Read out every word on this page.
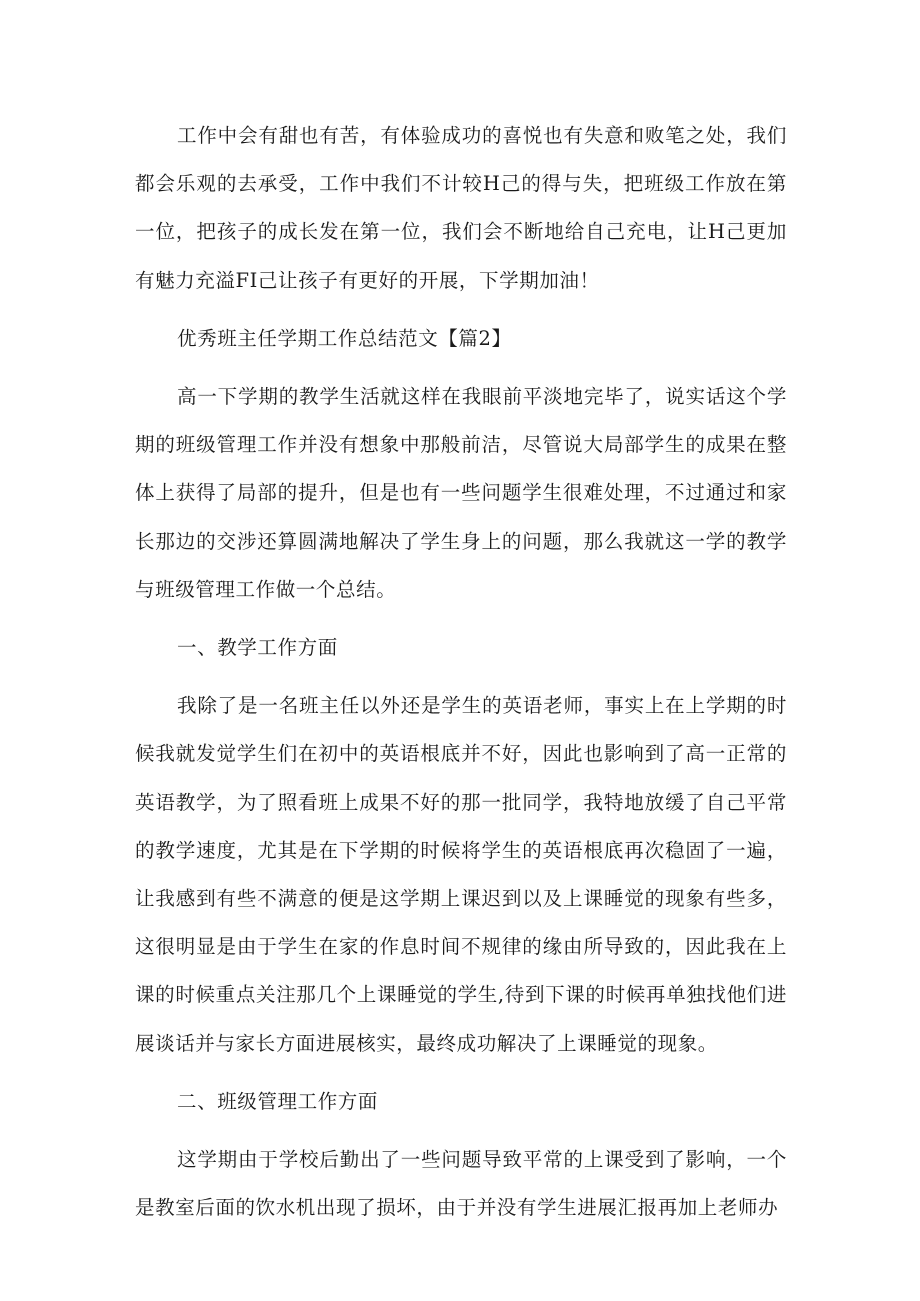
工作中会有甜也有苦，有体验成功的喜悦也有失意和败笔之处，我们都会乐观的去承受，工作中我们不计较H己的得与失，把班级工作放在第一位，把孩子的成长发在第一位，我们会不断地给自己充电，让H己更加有魅力充溢FI己让孩子有更好的开展，下学期加油！

优秀班主任学期工作总结范文【篇2】

高一下学期的教学生活就这样在我眼前平淡地完毕了，说实话这个学期的班级管理工作并没有想象中那般前洁，尽管说大局部学生的成果在整体上获得了局部的提升，但是也有一些问题学生很难处理，不过通过和家长那边的交涉还算圆满地解决了学生身上的问题，那么我就这一学的教学与班级管理工作做一个总结。

一、教学工作方面

我除了是一名班主任以外还是学生的英语老师，事实上在上学期的时候我就发觉学生们在初中的英语根底并不好，因此也影响到了高一正常的英语教学，为了照看班上成果不好的那一批同学，我特地放缓了自己平常的教学速度，尤其是在下学期的时候将学生的英语根底再次稳固了一遍，让我感到有些不满意的便是这学期上课迟到以及上课睡觉的现象有些多，这很明显是由于学生在家的作息时间不规律的缘由所导致的，因此我在上课的时候重点关注那几个上课睡觉的学生,待到下课的时候再单独找他们进展谈话并与家长方面进展核实，最终成功解决了上课睡觉的现象。

二、班级管理工作方面

这学期由于学校后勤出了一些问题导致平常的上课受到了影响，一个是教室后面的饮水机出现了损坏，由于并没有学生进展汇报再加上老师办
